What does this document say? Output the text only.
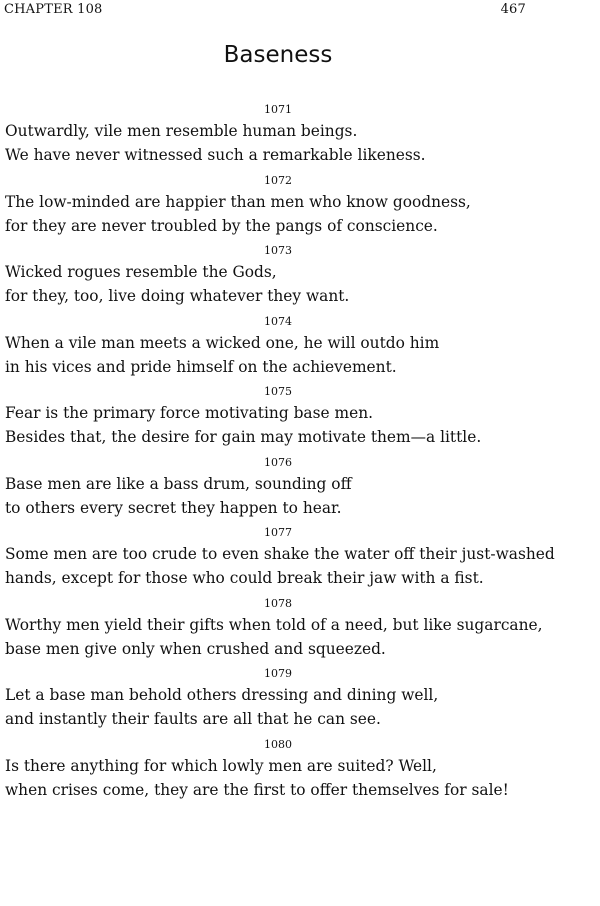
CHAPTER 108	467
Baseness
1071
Outwardly, vile men resemble human beings.
We have never witnessed such a remarkable likeness.
1072
The low-minded are happier than men who know goodness,
for they are never troubled by the pangs of conscience.
1073
Wicked rogues resemble the Gods,
for they, too, live doing whatever they want.
1074
When a vile man meets a wicked one, he will outdo him
in his vices and pride himself on the achievement.
1075
Fear is the primary force motivating base men.
Besides that, the desire for gain may motivate them—a little.
1076
Base men are like a bass drum, sounding off
to others every secret they happen to hear.
1077
Some men are too crude to even shake the water off their just-washed
hands, except for those who could break their jaw with a fist.
1078
Worthy men yield their gifts when told of a need, but like sugarcane,
base men give only when crushed and squeezed.
1079
Let a base man behold others dressing and dining well,
and instantly their faults are all that he can see.
1080
Is there anything for which lowly men are suited? Well,
when crises come, they are the first to offer themselves for sale!
